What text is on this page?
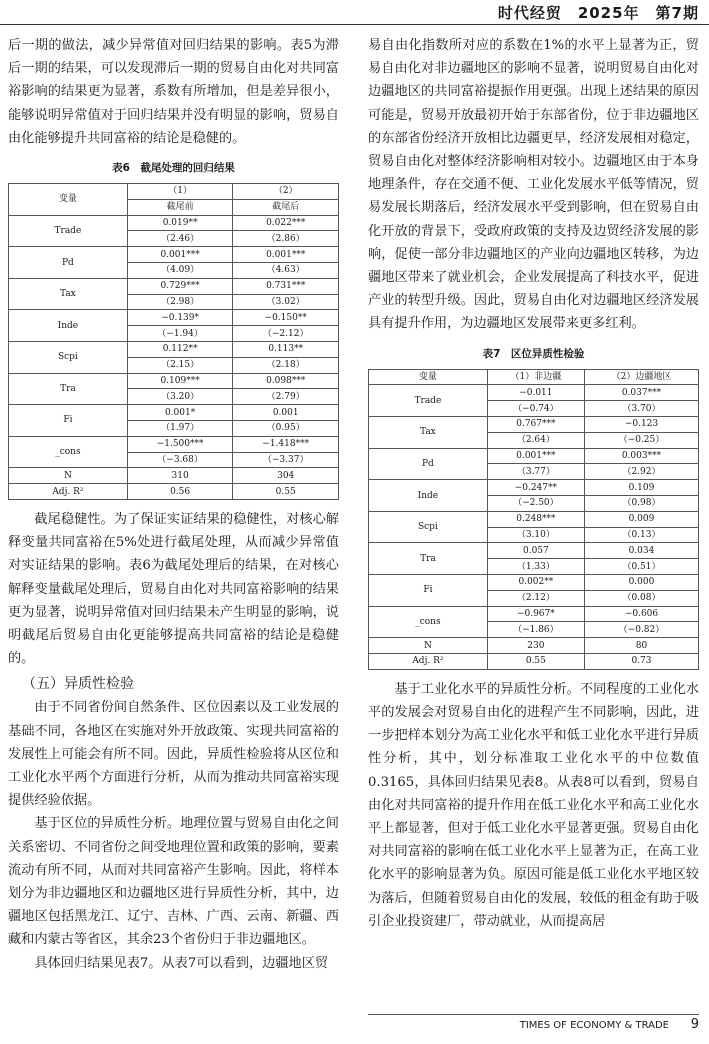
时代经贸　2025年　第7期

后一期的做法，减少异常值对回归结果的影响。表5为滞后一期的结果，可以发现滞后一期的贸易自由化对共同富裕影响的结果更为显著，系数有所增加，但是差异很小，能够说明异常值对于回归结果并没有明显的影响，贸易自由化能够提升共同富裕的结论是稳健的。

表6　截尾处理的回归结果
变量	（1）	（2）
	截尾前	截尾后
Trade	0.019**	0.022***
	（2.46）	（2.86）
Pd	0.001***	0.001***
	（4.09）	（4.63）
Tax	0.729***	0.731***
	（2.98）	（3.02）
Inde	−0.139*	−0.150**
	（−1.94）	（−2.12）
Scpi	0.112**	0.113**
	（2.15）	（2.18）
Tra	0.109***	0.098***
	（3.20）	（2.79）
Fi	0.001*	0.001
	（1.97）	（0.95）
_cons	−1.500***	−1.418***
	（−3.68）	（−3.37）
N	310	304
Adj. R²	0.56	0.55

截尾稳健性。为了保证实证结果的稳健性，对核心解释变量共同富裕在5%处进行截尾处理，从而减少异常值对实证结果的影响。表6为截尾处理后的结果，在对核心解释变量截尾处理后，贸易自由化对共同富裕影响的结果更为显著，说明异常值对回归结果未产生明显的影响，说明截尾后贸易自由化更能够提高共同富裕的结论是稳健的。

（五）异质性检验

由于不同省份间自然条件、区位因素以及工业发展的基础不同，各地区在实施对外开放政策、实现共同富裕的发展性上可能会有所不同。因此，异质性检验将从区位和工业化水平两个方面进行分析，从而为推动共同富裕实现提供经验依据。

基于区位的异质性分析。地理位置与贸易自由化之间关系密切、不同省份之间受地理位置和政策的影响，要素流动有所不同，从而对共同富裕产生影响。因此，将样本划分为非边疆地区和边疆地区进行异质性分析，其中，边疆地区包括黑龙江、辽宁、吉林、广西、云南、新疆、西藏和内蒙古等省区，其余23个省份归于非边疆地区。

具体回归结果见表7。从表7可以看到，边疆地区贸

易自由化指数所对应的系数在1%的水平上显著为正，贸易自由化对非边疆地区的影响不显著，说明贸易自由化对边疆地区的共同富裕提振作用更强。出现上述结果的原因可能是，贸易开放最初开始于东部省份，位于非边疆地区的东部省份经济开放相比边疆更早，经济发展相对稳定，贸易自由化对整体经济影响相对较小。边疆地区由于本身地理条件，存在交通不便、工业化发展水平低等情况，贸易发展长期落后，经济发展水平受到影响，但在贸易自由化开放的背景下，受政府政策的支持及边贸经济发展的影响，促使一部分非边疆地区的产业向边疆地区转移，为边疆地区带来了就业机会，企业发展提高了科技水平，促进产业的转型升级。因此，贸易自由化对边疆地区经济发展具有提升作用，为边疆地区发展带来更多红利。

表7　区位异质性检验
变量	（1）非边疆	（2）边疆地区
Trade	−0.011	0.037***
	（−0.74）	（3.70）
Tax	0.767***	−0.123
	（2.64）	（−0.25）
Pd	0.001***	0.003***
	（3.77）	（2.92）
Inde	−0.247**	0.109
	（−2.50）	（0.98）
Scpi	0.248***	0.009
	（3.10）	（0.13）
Tra	0.057	0.034
	（1.33）	（0.51）
Fi	0.002**	0.000
	（2.12）	（0.08）
_cons	−0.967*	−0.606
	（−1.86）	（−0.82）
N	230	80
Adj. R²	0.55	0.73

基于工业化水平的异质性分析。不同程度的工业化水平的发展会对贸易自由化的进程产生不同影响，因此，进一步把样本划分为高工业化水平和低工业化水平进行异质性分析，其中，划分标准取工业化水平的中位数值0.3165，具体回归结果见表8。从表8可以看到，贸易自由化对共同富裕的提升作用在低工业化水平和高工业化水平上都显著，但对于低工业化水平显著更强。贸易自由化对共同富裕的影响在低工业化水平上显著为正，在高工业化水平的影响显著为负。原因可能是低工业化水平地区较为落后，但随着贸易自由化的发展，较低的租金有助于吸引企业投资建厂，带动就业，从而提高居

TIMES OF ECONOMY & TRADE 9
